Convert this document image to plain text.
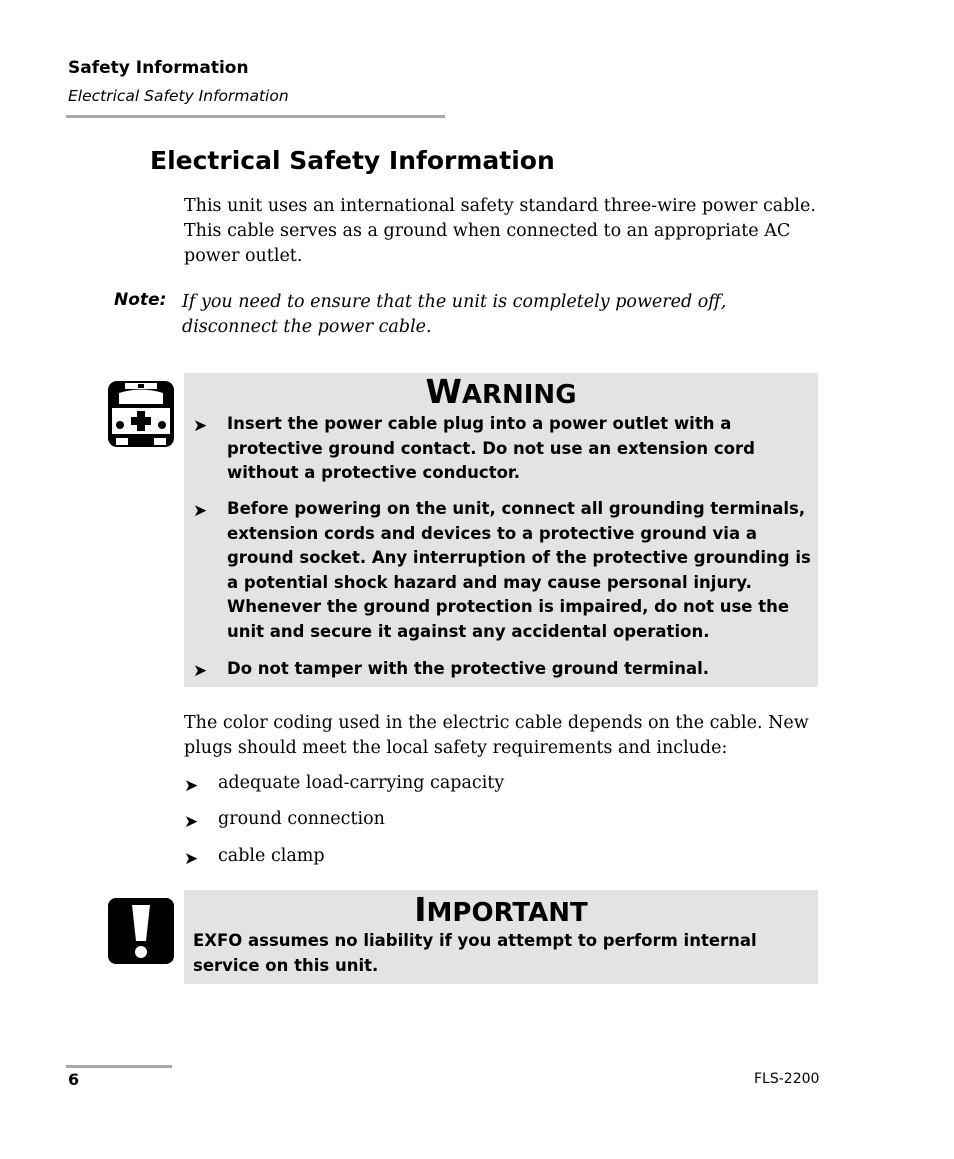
Safety Information
Electrical Safety Information
Electrical Safety Information
This unit uses an international safety standard three-wire power cable. This cable serves as a ground when connected to an appropriate AC power outlet.
Note: If you need to ensure that the unit is completely powered off, disconnect the power cable.
WARNING
➤ Insert the power cable plug into a power outlet with a protective ground contact. Do not use an extension cord without a protective conductor.
➤ Before powering on the unit, connect all grounding terminals, extension cords and devices to a protective ground via a ground socket. Any interruption of the protective grounding is a potential shock hazard and may cause personal injury. Whenever the ground protection is impaired, do not use the unit and secure it against any accidental operation.
➤ Do not tamper with the protective ground terminal.
The color coding used in the electric cable depends on the cable. New plugs should meet the local safety requirements and include:
➤ adequate load-carrying capacity
➤ ground connection
➤ cable clamp
IMPORTANT
EXFO assumes no liability if you attempt to perform internal service on this unit.
6	FLS-2200
